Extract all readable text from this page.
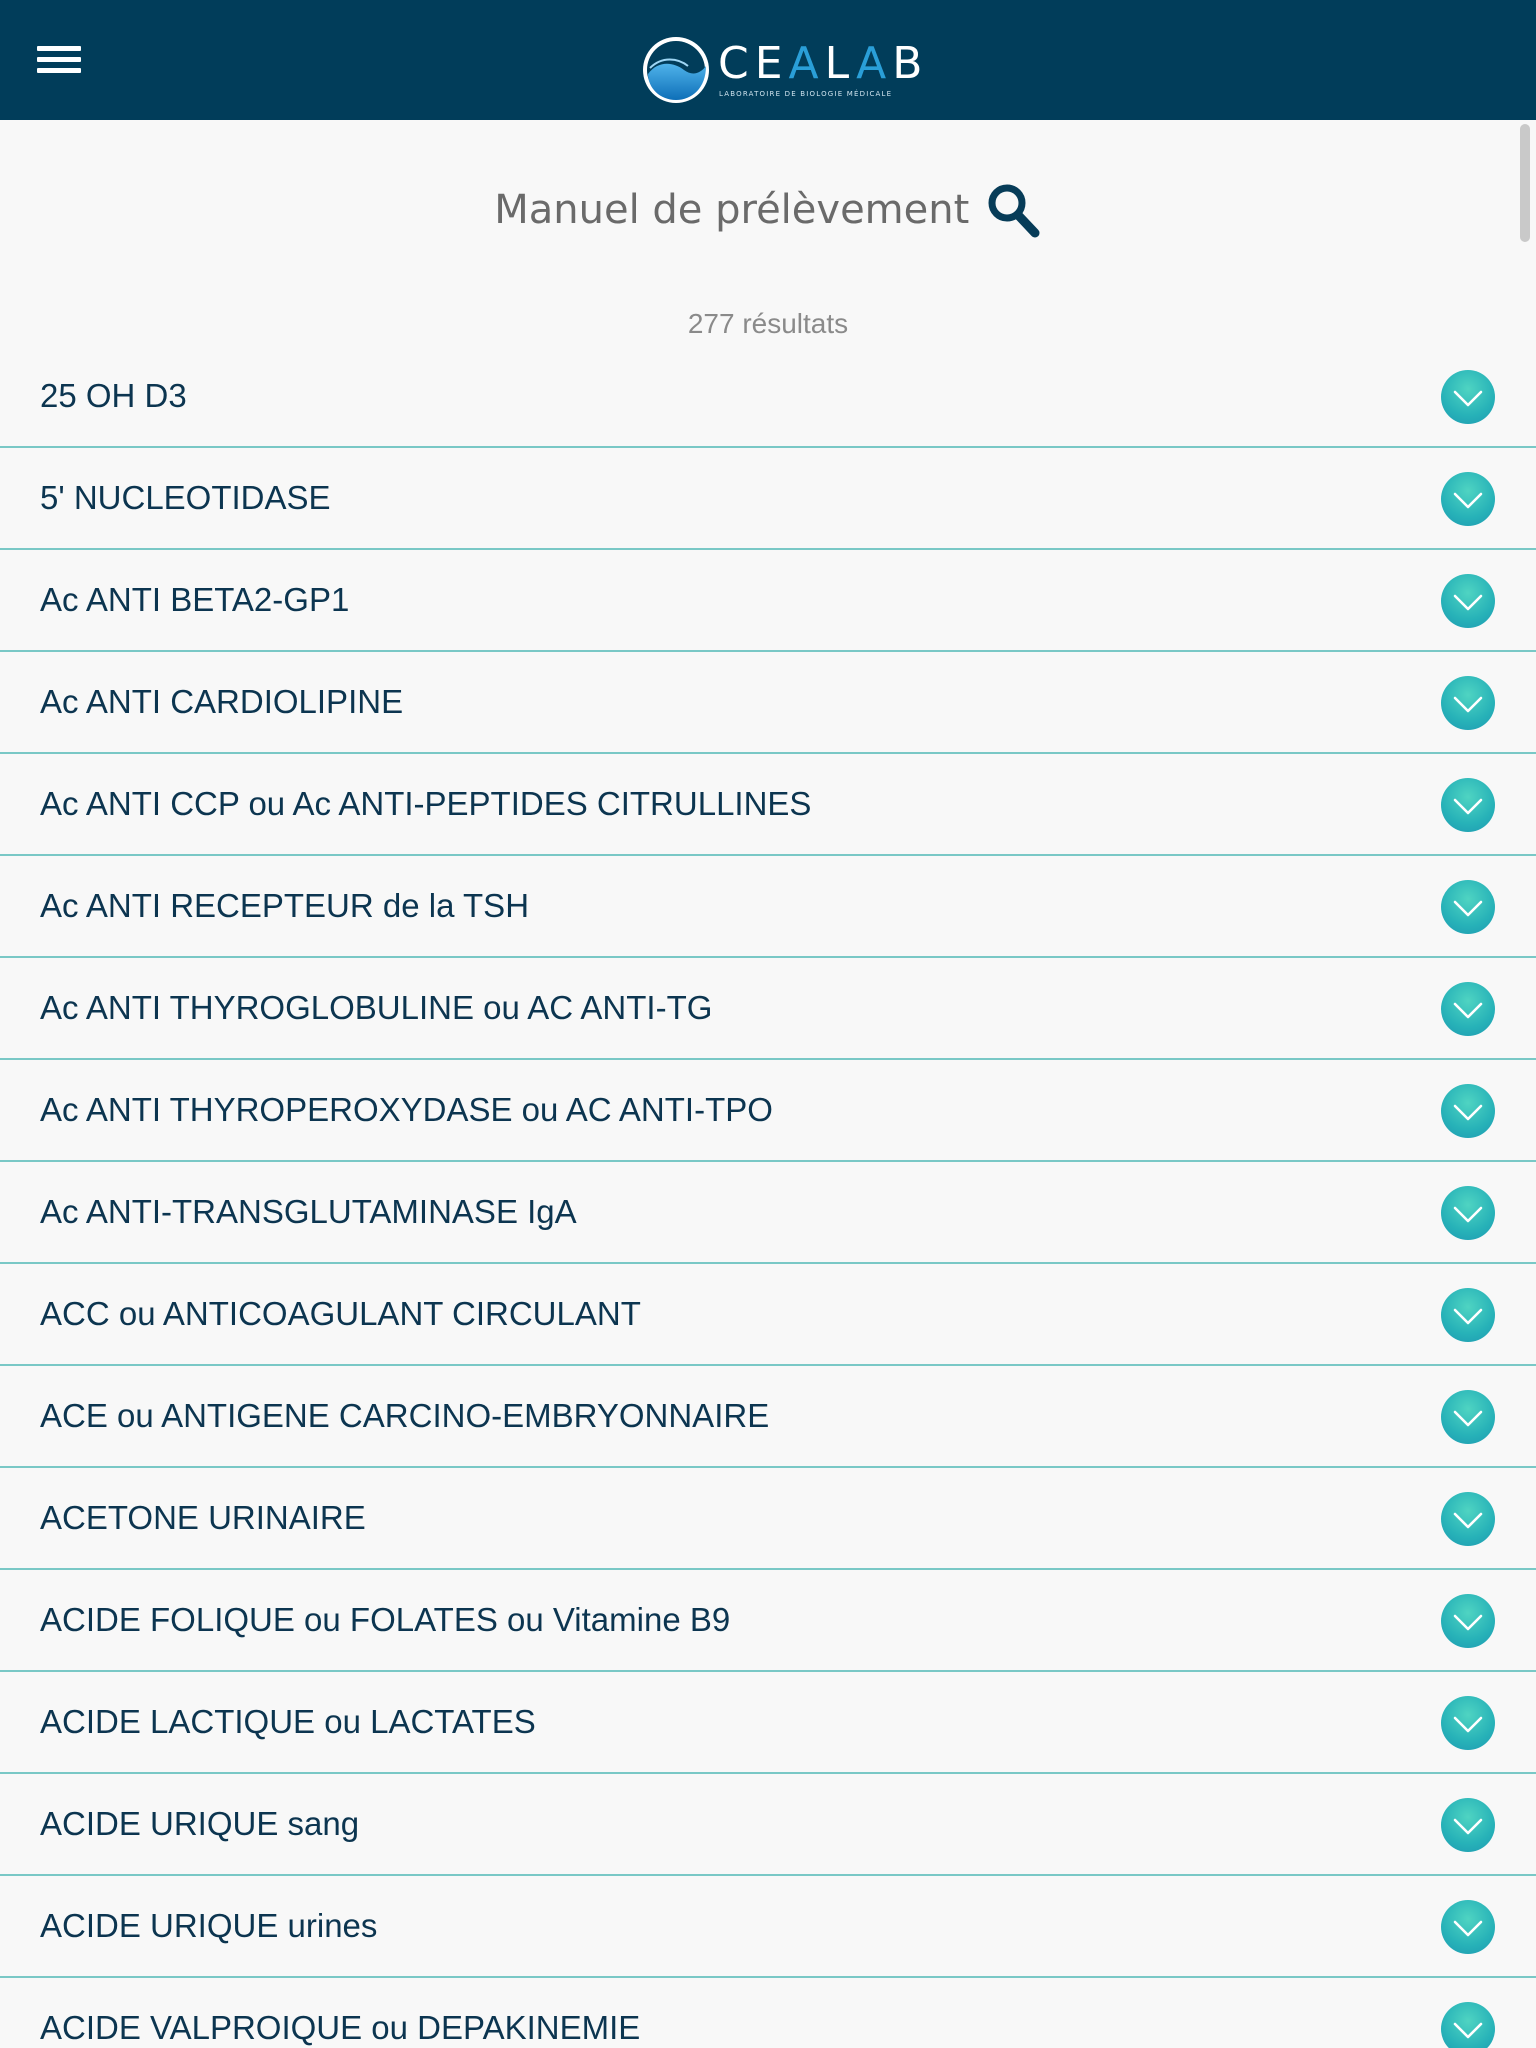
CEALAB
LABORATOIRE DE BIOLOGIE MÉDICALE
Manuel de prélèvement
277 résultats
25 OH D3
5' NUCLEOTIDASE
Ac ANTI BETA2-GP1
Ac ANTI CARDIOLIPINE
Ac ANTI CCP ou Ac ANTI-PEPTIDES CITRULLINES
Ac ANTI RECEPTEUR de la TSH
Ac ANTI THYROGLOBULINE ou AC ANTI-TG
Ac ANTI THYROPEROXYDASE ou AC ANTI-TPO
Ac ANTI-TRANSGLUTAMINASE IgA
ACC ou ANTICOAGULANT CIRCULANT
ACE ou ANTIGENE CARCINO-EMBRYONNAIRE
ACETONE URINAIRE
ACIDE FOLIQUE ou FOLATES ou Vitamine B9
ACIDE LACTIQUE ou LACTATES
ACIDE URIQUE sang
ACIDE URIQUE urines
ACIDE VALPROIQUE ou DEPAKINEMIE
